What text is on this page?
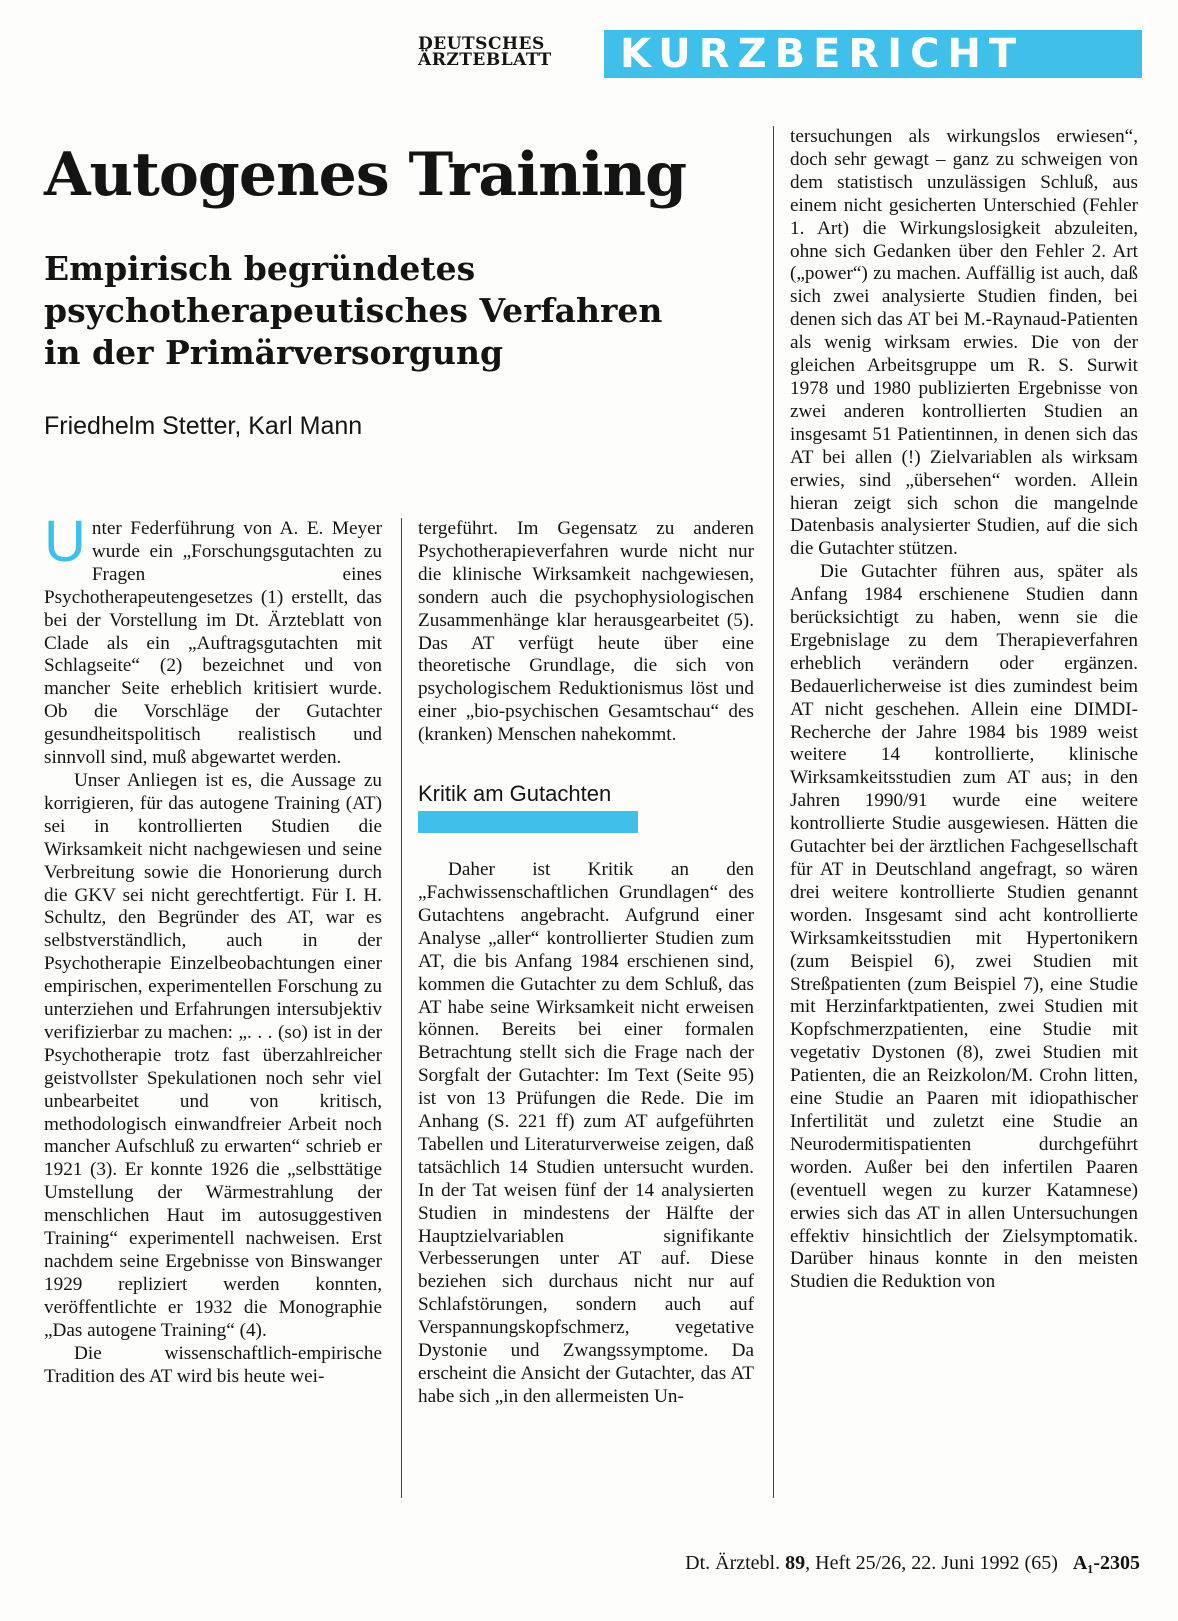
DEUTSCHES
ÄRZTEBLATT	KURZBERICHT
Autogenes Training
Empirisch begründetes
psychotherapeutisches Verfahren
in der Primärversorgung
Friedhelm Stetter, Karl Mann

Unter Federführung von A. E. Meyer wurde ein „Forschungsgutachten zu Fragen eines Psychotherapeutengesetzes (1) erstellt, das bei der Vorstellung im Dt. Ärzteblatt von Clade als ein „Auftragsgutachten mit Schlagseite“ (2) bezeichnet und von mancher Seite erheblich kritisiert wurde. Ob die Vorschläge der Gutachter gesundheitspolitisch realistisch und sinnvoll sind, muß abgewartet werden.

Unser Anliegen ist es, die Aussage zu korrigieren, für das autogene Training (AT) sei in kontrollierten Studien die Wirksamkeit nicht nachgewiesen und seine Verbreitung sowie die Honorierung durch die GKV sei nicht gerechtfertigt. Für I. H. Schultz, den Begründer des AT, war es selbstverständlich, auch in der Psychotherapie Einzelbeobachtungen einer empirischen, experimentellen Forschung zu unterziehen und Erfahrungen intersubjektiv verifizierbar zu machen: „. . . (so) ist in der Psychotherapie trotz fast überzahlreicher geistvollster Spekulationen noch sehr viel unbearbeitet und von kritisch, methodologisch einwandfreier Arbeit noch mancher Aufschluß zu erwarten“ schrieb er 1921 (3). Er konnte 1926 die „selbsttätige Umstellung der Wärmestrahlung der menschlichen Haut im autosuggestiven Training“ experimentell nachweisen. Erst nachdem seine Ergebnisse von Binswanger 1929 repliziert werden konnten, veröffentlichte er 1932 die Monographie „Das autogene Training“ (4).

Die wissenschaftlich-empirische Tradition des AT wird bis heute wei-

tergeführt. Im Gegensatz zu anderen Psychotherapieverfahren wurde nicht nur die klinische Wirksamkeit nachgewiesen, sondern auch die psychophysiologischen Zusammenhänge klar herausgearbeitet (5). Das AT verfügt heute über eine theoretische Grundlage, die sich von psychologischem Reduktionismus löst und einer „bio-psychischen Gesamtschau“ des (kranken) Menschen nahekommt.

Kritik am Gutachten

Daher ist Kritik an den „Fachwissenschaftlichen Grundlagen“ des Gutachtens angebracht. Aufgrund einer Analyse „aller“ kontrollierter Studien zum AT, die bis Anfang 1984 erschienen sind, kommen die Gutachter zu dem Schluß, das AT habe seine Wirksamkeit nicht erweisen können. Bereits bei einer formalen Betrachtung stellt sich die Frage nach der Sorgfalt der Gutachter: Im Text (Seite 95) ist von 13 Prüfungen die Rede. Die im Anhang (S. 221 ff) zum AT aufgeführten Tabellen und Literaturverweise zeigen, daß tatsächlich 14 Studien untersucht wurden. In der Tat weisen fünf der 14 analysierten Studien in mindestens der Hälfte der Hauptzielvariablen signifikante Verbesserungen unter AT auf. Diese beziehen sich durchaus nicht nur auf Schlafstörungen, sondern auch auf Verspannungskopfschmerz, vegetative Dystonie und Zwangssymptome. Da erscheint die Ansicht der Gutachter, das AT habe sich „in den allermeisten Un-

tersuchungen als wirkungslos erwiesen“, doch sehr gewagt – ganz zu schweigen von dem statistisch unzulässigen Schluß, aus einem nicht gesicherten Unterschied (Fehler 1. Art) die Wirkungslosigkeit abzuleiten, ohne sich Gedanken über den Fehler 2. Art („power“) zu machen. Auffällig ist auch, daß sich zwei analysierte Studien finden, bei denen sich das AT bei M.-Raynaud-Patienten als wenig wirksam erwies. Die von der gleichen Arbeitsgruppe um R. S. Surwit 1978 und 1980 publizierten Ergebnisse von zwei anderen kontrollierten Studien an insgesamt 51 Patientinnen, in denen sich das AT bei allen (!) Zielvariablen als wirksam erwies, sind „übersehen“ worden. Allein hieran zeigt sich schon die mangelnde Datenbasis analysierter Studien, auf die sich die Gutachter stützen.

Die Gutachter führen aus, später als Anfang 1984 erschienene Studien dann berücksichtigt zu haben, wenn sie die Ergebnislage zu dem Therapieverfahren erheblich verändern oder ergänzen. Bedauerlicherweise ist dies zumindest beim AT nicht geschehen. Allein eine DIMDI-Recherche der Jahre 1984 bis 1989 weist weitere 14 kontrollierte, klinische Wirksamkeitsstudien zum AT aus; in den Jahren 1990/91 wurde eine weitere kontrollierte Studie ausgewiesen. Hätten die Gutachter bei der ärztlichen Fachgesellschaft für AT in Deutschland angefragt, so wären drei weitere kontrollierte Studien genannt worden. Insgesamt sind acht kontrollierte Wirksamkeitsstudien mit Hypertonikern (zum Beispiel 6), zwei Studien mit Streßpatienten (zum Beispiel 7), eine Studie mit Herzinfarktpatienten, zwei Studien mit Kopfschmerzpatienten, eine Studie mit vegetativ Dystonen (8), zwei Studien mit Patienten, die an Reizkolon/M. Crohn litten, eine Studie an Paaren mit idiopathischer Infertilität und zuletzt eine Studie an Neurodermitispatienten durchgeführt worden. Außer bei den infertilen Paaren (eventuell wegen zu kurzer Katamnese) erwies sich das AT in allen Untersuchungen effektiv hinsichtlich der Zielsymptomatik. Darüber hinaus konnte in den meisten Studien die Reduktion von

Dt. Ärztebl. 89, Heft 25/26, 22. Juni 1992 (65) A₁-2305
